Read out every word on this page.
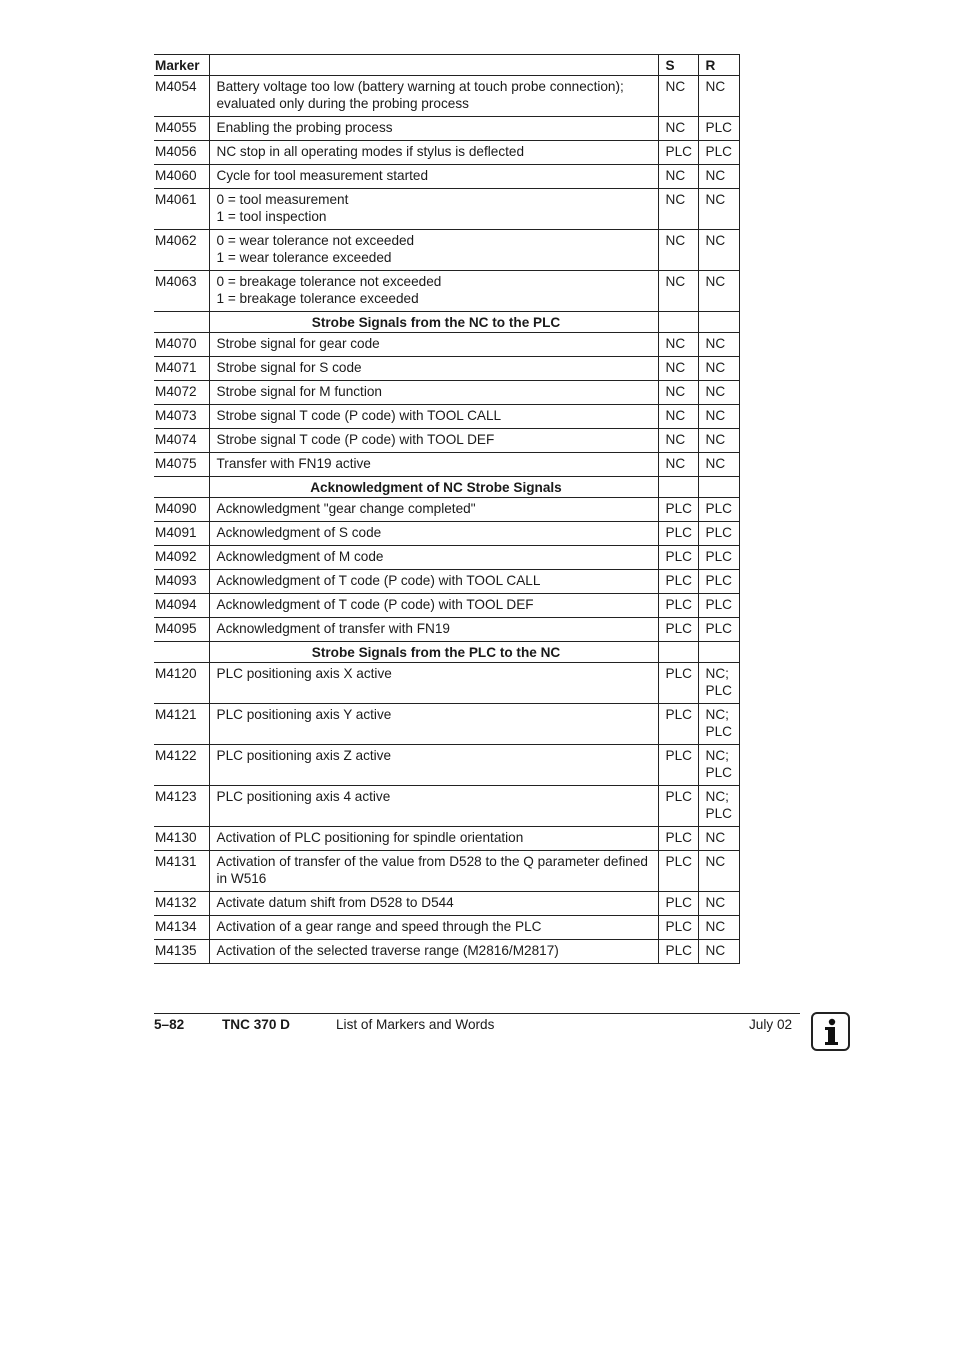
Marker		S	R
M4054	Battery voltage too low (battery warning at touch probe connection);
evaluated only during the probing process	NC	NC

M4055	Enabling the probing process	NC	PLC

M4056	NC stop in all operating modes if stylus is deflected	PLC	PLC

M4060	Cycle for tool measurement started	NC	NC

M4061	0 = tool measurement
1 = tool inspection	NC	NC

M4062	0 = wear tolerance not exceeded
1 = wear tolerance exceeded	NC	NC

M4063	0 = breakage tolerance not exceeded
1 = breakage tolerance exceeded	NC	NC

	Strobe Signals from the NC to the PLC		
M4070	Strobe signal for gear code	NC	NC

M4071	Strobe signal for S code	NC	NC

M4072	Strobe signal for M function	NC	NC

M4073	Strobe signal T code (P code) with TOOL CALL	NC	NC

M4074	Strobe signal T code (P code) with TOOL DEF	NC	NC

M4075	Transfer with FN19 active	NC	NC

	Acknowledgment of NC Strobe Signals		
M4090	Acknowledgment "gear change completed"	PLC	PLC

M4091	Acknowledgment of S code	PLC	PLC

M4092	Acknowledgment of M code	PLC	PLC

M4093	Acknowledgment of T code (P code) with TOOL CALL	PLC	PLC

M4094	Acknowledgment of T code (P code) with TOOL DEF	PLC	PLC

M4095	Acknowledgment of transfer with FN19	PLC	PLC

	Strobe Signals from the PLC to the NC		
M4120	PLC positioning axis X active	PLC	NC;
PLC

M4121	PLC positioning axis Y active	PLC	NC;
PLC

M4122	PLC positioning axis Z active	PLC	NC;
PLC

M4123	PLC positioning axis 4 active	PLC	NC;
PLC

M4130	Activation of PLC positioning for spindle orientation	PLC	NC

M4131	Activation of transfer of the value from D528 to the Q parameter defined
in W516	PLC	NC

M4132	Activate datum shift from D528 to D544	PLC	NC

M4134	Activation of a gear range and speed through the PLC	PLC	NC

M4135	Activation of the selected traverse range (M2816/M2817)	PLC	NC
5–82	TNC 370 D	List of Markers and Words	July 02
